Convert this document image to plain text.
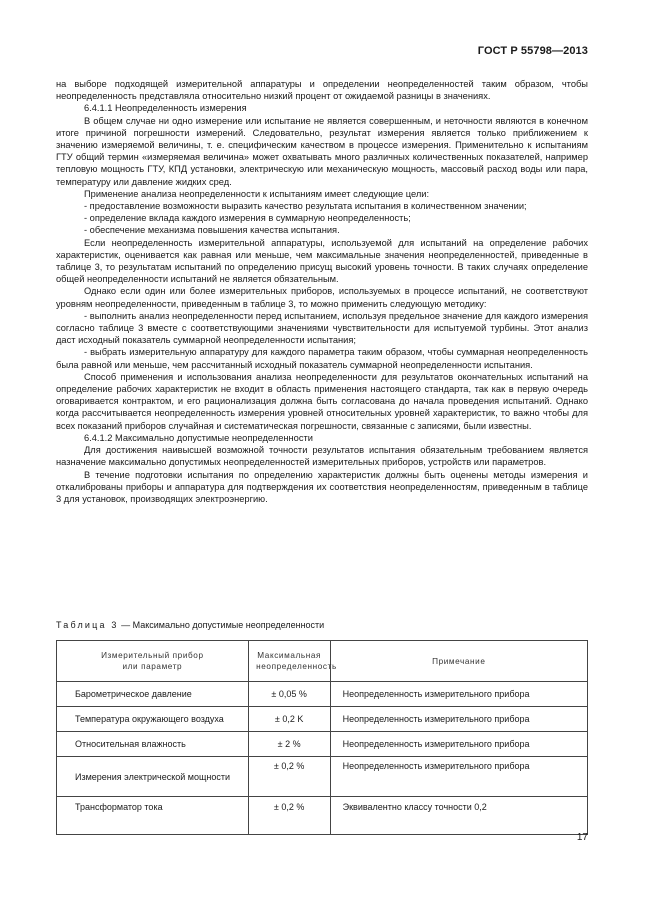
ГОСТ Р 55798—2013

на выборе подходящей измерительной аппаратуры и определении неопределенностей таким образом, чтобы неопределенность представляла относительно низкий процент от ожидаемой разницы в значениях.

6.4.1.1 Неопределенность измерения

В общем случае ни одно измерение или испытание не является совершенным, и неточности являются в конечном итоге причиной погрешности измерений. Следовательно, результат измерения является только приближением к значению измеряемой величины, т. е. специфическим качеством в процессе измерения. Применительно к испытаниям ГТУ общий термин «измеряемая величина» может охватывать много различных количественных показателей, например тепловую мощность ГТУ, КПД установки, электрическую или механическую мощность, массовый расход воды или пара, температуру или давление жидких сред.

Применение анализа неопределенности к испытаниям имеет следующие цели:

- предоставление возможности выразить качество результата испытания в количественном значении;

- определение вклада каждого измерения в суммарную неопределенность;

- обеспечение механизма повышения качества испытания.

Если неопределенность измерительной аппаратуры, используемой для испытаний на определение рабочих характеристик, оценивается как равная или меньше, чем максимальные значения неопределенностей, приведенные в таблице 3, то результатам испытаний по определению присущ высокий уровень точности. В таких случаях определение общей неопределенности испытаний не является обязательным.

Однако если один или более измерительных приборов, используемых в процессе испытаний, не соответствуют уровням неопределенности, приведенным в таблице 3, то можно применить следующую методику:

- выполнить анализ неопределенности перед испытанием, используя предельное значение для каждого измерения согласно таблице 3 вместе с соответствующими значениями чувствительности для испытуемой турбины. Этот анализ даст исходный показатель суммарной неопределенности испытания;

- выбрать измерительную аппаратуру для каждого параметра таким образом, чтобы суммарная неопределенность была равной или меньше, чем рассчитанный исходный показатель суммарной неопределенности испытания.

Способ применения и использования анализа неопределенности для результатов окончательных испытаний на определение рабочих характеристик не входит в область применения настоящего стандарта, так как в первую очередь оговаривается контрактом, и его рационализация должна быть согласована до начала проведения испытаний. Однако когда рассчитывается неопределенность измерения уровней относительных уровней характеристик, то важно чтобы для всех показаний приборов случайная и систематическая погрешности, связанные с записями, были известны.

6.4.1.2 Максимально допустимые неопределенности

Для достижения наивысшей возможной точности результатов испытания обязательным требованием является назначение максимально допустимых неопределенностей измерительных приборов, устройств или параметров.

В течение подготовки испытания по определению характеристик должны быть оценены методы измерения и откалиброваны приборы и аппаратура для подтверждения их соответствия неопределенностям, приведенным в таблице 3 для установок, производящих электроэнергию.

Таблица 3 — Максимально допустимые неопределенности
Измерительный прибор или параметр	Максимальная неопределенность	Примечание
Барометрическое давление	± 0,05 %	Неопределенность измерительного прибора
Температура окружающего воздуха	± 0,2 K	Неопределенность измерительного прибора
Относительная влажность	± 2 %	Неопределенность измерительного прибора
Измерения электрической мощности	± 0,2 %	Неопределенность измерительного прибора
Трансформатор тока	± 0,2 %	Эквивалентно классу точности 0,2
17
